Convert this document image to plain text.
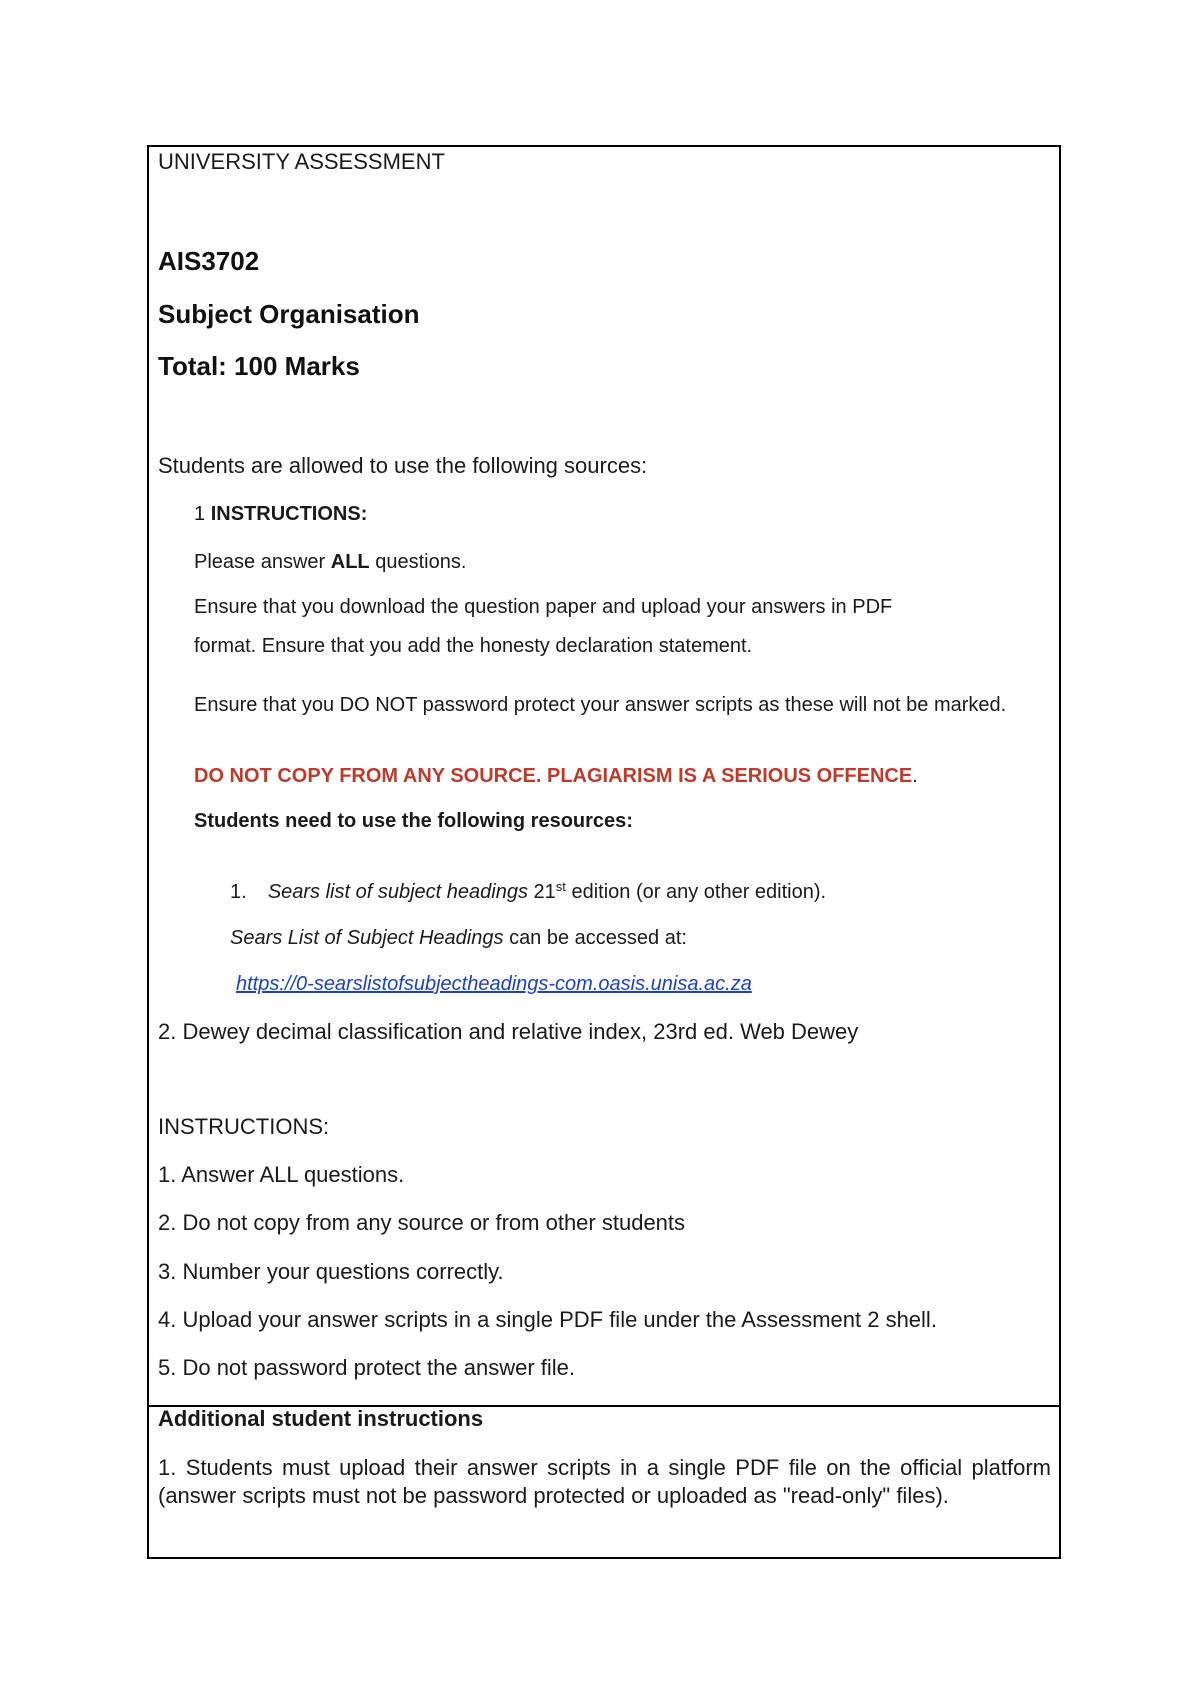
UNIVERSITY ASSESSMENT
AIS3702
Subject Organisation
Total: 100 Marks
Students are allowed to use the following sources:
1 INSTRUCTIONS:
Please answer ALL questions.
Ensure that you download the question paper and upload your answers in PDF
format. Ensure that you add the honesty declaration statement.
Ensure that you DO NOT password protect your answer scripts as these will not be marked.
DO NOT COPY FROM ANY SOURCE. PLAGIARISM IS A SERIOUS OFFENCE.
Students need to use the following resources:
1. Sears list of subject headings 21st edition (or any other edition).
Sears List of Subject Headings can be accessed at:
https://0-searslistofsubjectheadings-com.oasis.unisa.ac.za
2. Dewey decimal classification and relative index, 23rd ed. Web Dewey
INSTRUCTIONS:
1. Answer ALL questions.
2. Do not copy from any source or from other students
3. Number your questions correctly.
4. Upload your answer scripts in a single PDF file under the Assessment 2 shell.
5. Do not password protect the answer file.
Additional student instructions
1. Students must upload their answer scripts in a single PDF file on the official platform (answer scripts must not be password protected or uploaded as "read-only" files).
